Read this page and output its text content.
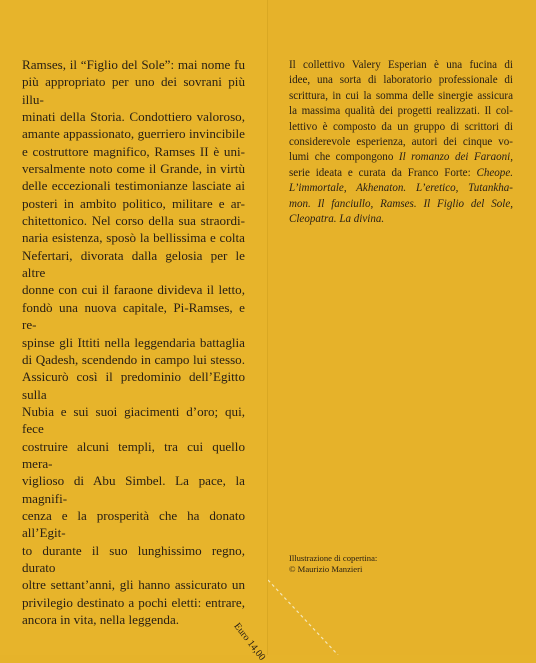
Ramses, il “Figlio del Sole”: mai nome fu
più appropriato per uno dei sovrani più illu-
minati della Storia. Condottiero valoroso,
amante appassionato, guerriero invincibile
e costruttore magnifico, Ramses II è uni-
versalmente noto come il Grande, in virtù
delle eccezionali testimonianze lasciate ai
posteri in ambito politico, militare e ar-
chitettonico. Nel corso della sua straordi-
naria esistenza, sposò la bellissima e colta
Nefertari, divorata dalla gelosia per le altre
donne con cui il faraone divideva il letto,
fondò una nuova capitale, Pi-Ramses, e re-
spinse gli Ittiti nella leggendaria battaglia
di Qadesh, scendendo in campo lui stesso.
Assicurò così il predominio dell’Egitto sulla
Nubia e sui suoi giacimenti d’oro; qui, fece
costruire alcuni templi, tra cui quello mera-
viglioso di Abu Simbel. La pace, la magnifi-
cenza e la prosperità che ha donato all’Egit-
to durante il suo lunghissimo regno, durato
oltre settant’anni, gli hanno assicurato un
privilegio destinato a pochi eletti: entrare,
ancora in vita, nella leggenda.
Il collettivo Valery Esperian è una fucina di
idee, una sorta di laboratorio professionale di
scrittura, in cui la somma delle sinergie assicura
la massima qualità dei progetti realizzati. Il col-
lettivo è composto da un gruppo di scrittori di
considerevole esperienza, autori dei cinque vo-
lumi che compongono Il romanzo dei Faraoni,
serie ideata e curata da Franco Forte: Cheope.
L’immortale, Akhenaton. L’eretico, Tutankha-
mon. Il fanciullo, Ramses. Il Figlio del Sole,
Cleopatra. La divina.
Illustrazione di copertina:
© Maurizio Manzieri
Euro 14,00
